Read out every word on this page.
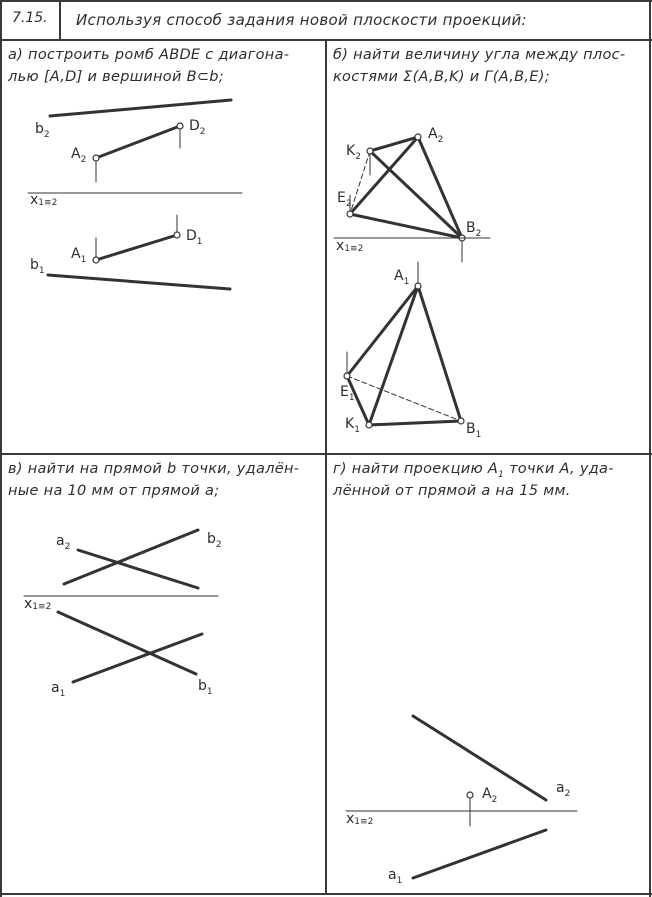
7.15. Используя способ задания новой плоскости проекций:
а) построить ромб ABDE с диагона-
лью [A,D] и вершиной B⊂b;
б) найти величину угла между плос-
костями Σ(A,B,K) и Γ(A,B,E);
в) найти на прямой b точки, удалён-
ные на 10 мм от прямой a;
г) найти проекцию $A_1$ точки A, уда-
лённой от прямой a на 15 мм.
$b_2$
$A_2$
$D_2$
x1≡2
$A_1$
$D_1$
$b_1$
$K_2$
$A_2$
$E_2$
$B_2$
x1≡2
$A_1$
$E_1$
$K_1$	$B_1$
$a_2$	$b_2$
x1≡2
$a_1$	$b_1$
$A_2$
$a_2$
x1≡2
$a_1$
